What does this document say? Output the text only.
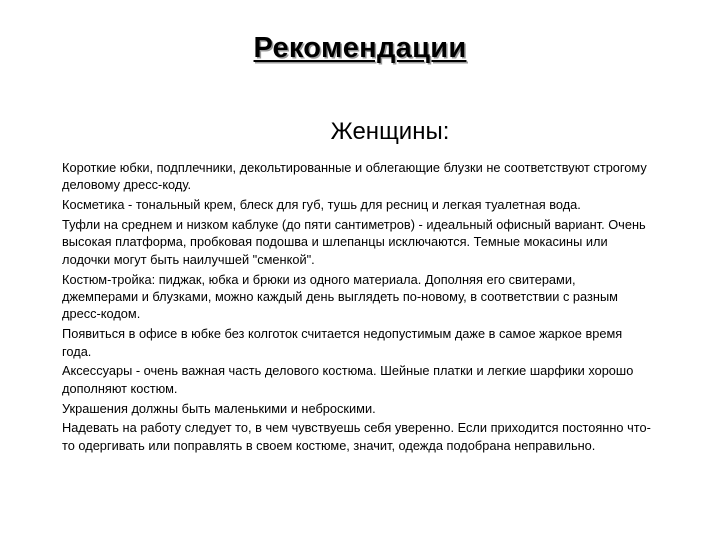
Рекомендации
Женщины:
Короткие юбки, подплечники, декольтированные и облегающие блузки не соответствуют строгому деловому дресс-коду.
Косметика - тональный крем, блеск для губ, тушь для ресниц и легкая туалетная вода.
Туфли на среднем и низком каблуке (до пяти сантиметров) - идеальный офисный вариант. Очень высокая платформа, пробковая подошва и шлепанцы исключаются. Темные мокасины или лодочки могут быть наилучшей "сменкой".
Костюм-тройка: пиджак, юбка и брюки из одного материала. Дополняя его свитерами, джемперами и блузками, можно каждый день выглядеть по-новому, в соответствии с разным дресс-кодом.
Появиться в офисе в юбке без колготок считается недопустимым даже в самое жаркое время года.
Аксессуары - очень важная часть делового костюма. Шейные платки и легкие шарфики хорошо дополняют костюм.
Украшения должны быть маленькими и неброскими.
Надевать на работу следует то, в чем чувствуешь себя уверенно. Если приходится постоянно что-то одергивать или поправлять в своем костюме, значит, одежда подобрана неправильно.
